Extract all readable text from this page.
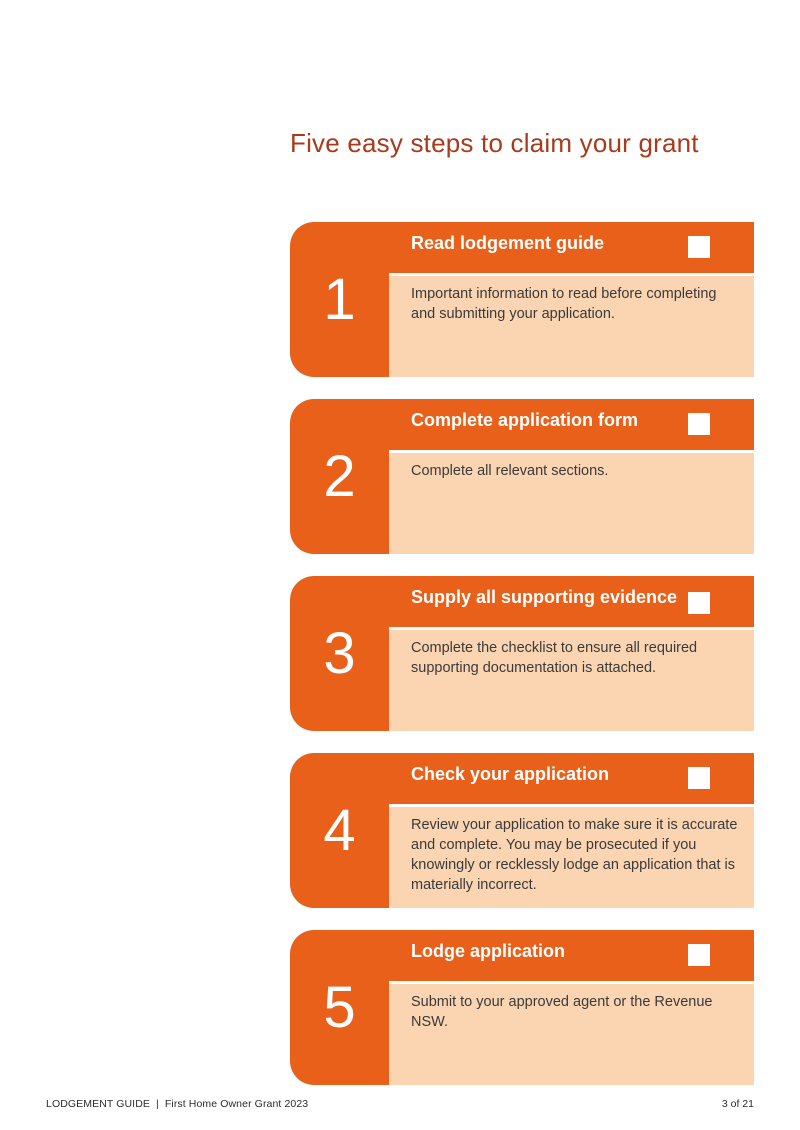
Five easy steps to claim your grant
1
Read lodgement guide

Important information to read before completing and submitting your application.

2
Complete application form

Complete all relevant sections.

3
Supply all supporting evidence

Complete the checklist to ensure all required supporting documentation is attached.

4
Check your application

Review your application to make sure it is accurate and complete. You may be prosecuted if you knowingly or recklessly lodge an application that is materially incorrect.

5
Lodge application

Submit to your approved agent or the Revenue NSW.

LODGEMENT GUIDE  |  First Home Owner Grant 2023	3 of 21
